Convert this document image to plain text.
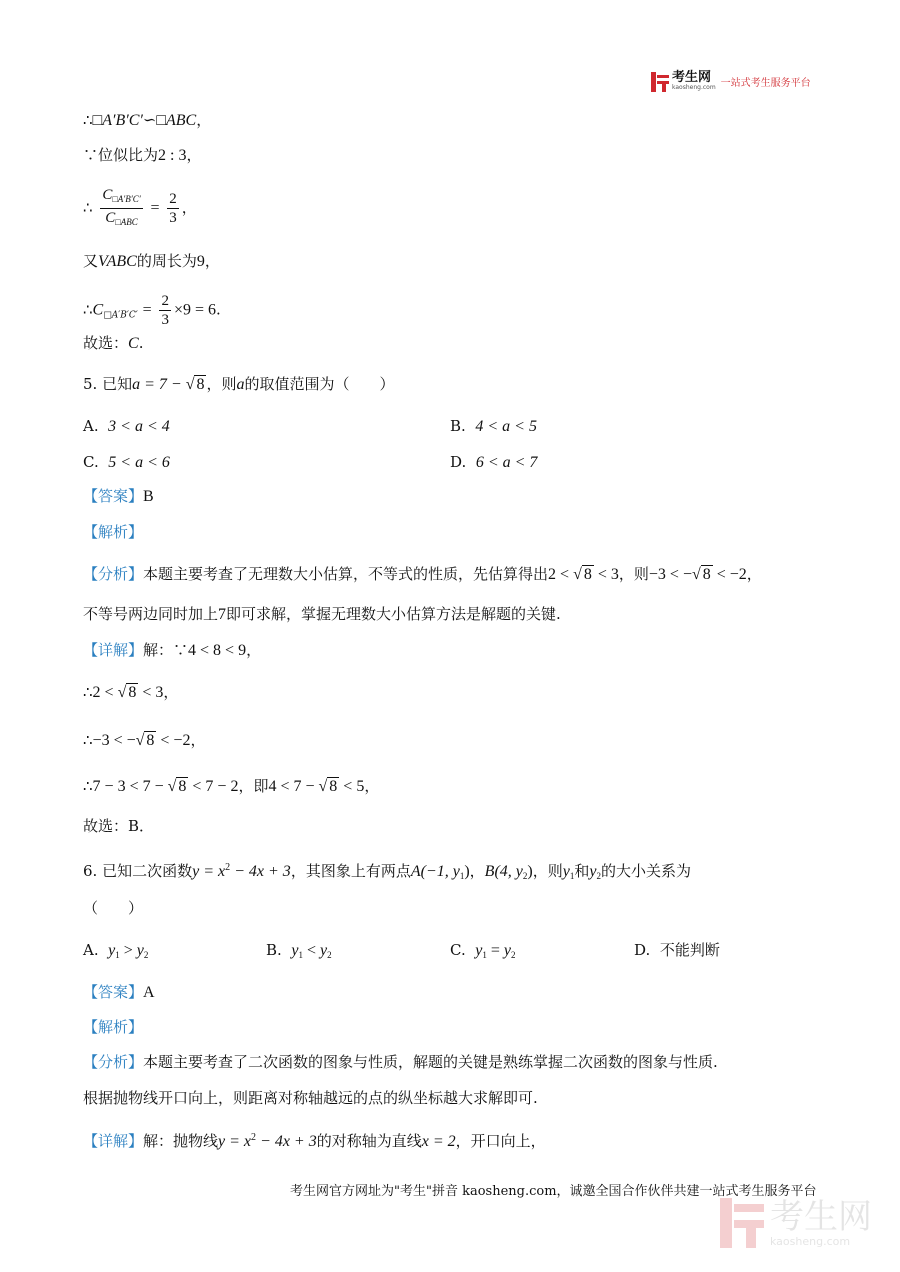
考生网
kaosheng.com 一站式考生服务平台
∴□A′B′C′∽□ABC，
∵位似比为2 : 3，
∴ $\frac{C_{□A'B'C'}}{C_{□ABC}} = \frac{2}{3}$ ，
又VABC的周长为9，
$\therefore C_{□A'B'C'} = \frac{2}{3} \times 9 = 6$.
故选：C.
5. 已知a = 7 − √ 8 ，则a的取值范围为（　　）
A. 3 < a < 4	B. 4 < a < 5
C. 5 < a < 6	D. 6 < a < 7
【答案】B
【解析】
【分析】本题主要考查了无理数大小估算，不等式的性质，先估算得出2 < √ 8 < 3，则−3 < −√ 8 < −2，
不等号两边同时加上7即可求解，掌握无理数大小估算方法是解题的关键.
【详解】解：∵4 < 8 < 9，
∴2 < √ 8 < 3，
∴−3 < −√ 8 < −2，
∴7 − 3 < 7 − √ 8 < 7 − 2，即4 < 7 − √ 8 < 5，
故选：B．
6. 已知二次函数$y = x^2 - 4x + 3$，其图象上有两点A(−1, $y_1$)，B(4, $y_2$)，则$y_1$和$y_2$的大小关系为
（　　）
A. $y_1 > y_2$	B. $y_1 < y_2$	C. $y_1 = y_2$	D. 不能判断
【答案】A
【解析】
【分析】本题主要考查了二次函数的图象与性质，解题的关键是熟练掌握二次函数的图象与性质.
根据抛物线开口向上，则距离对称轴越远的点的纵坐标越大求解即可.
【详解】解：抛物线$y = x^2 - 4x + 3$的对称轴为直线x = 2，开口向上，
考生网官方网址为"考生"拼音 kaosheng.com，诚邀全国合作伙伴共建一站式考生服务平台
考生网
kaosheng.com
